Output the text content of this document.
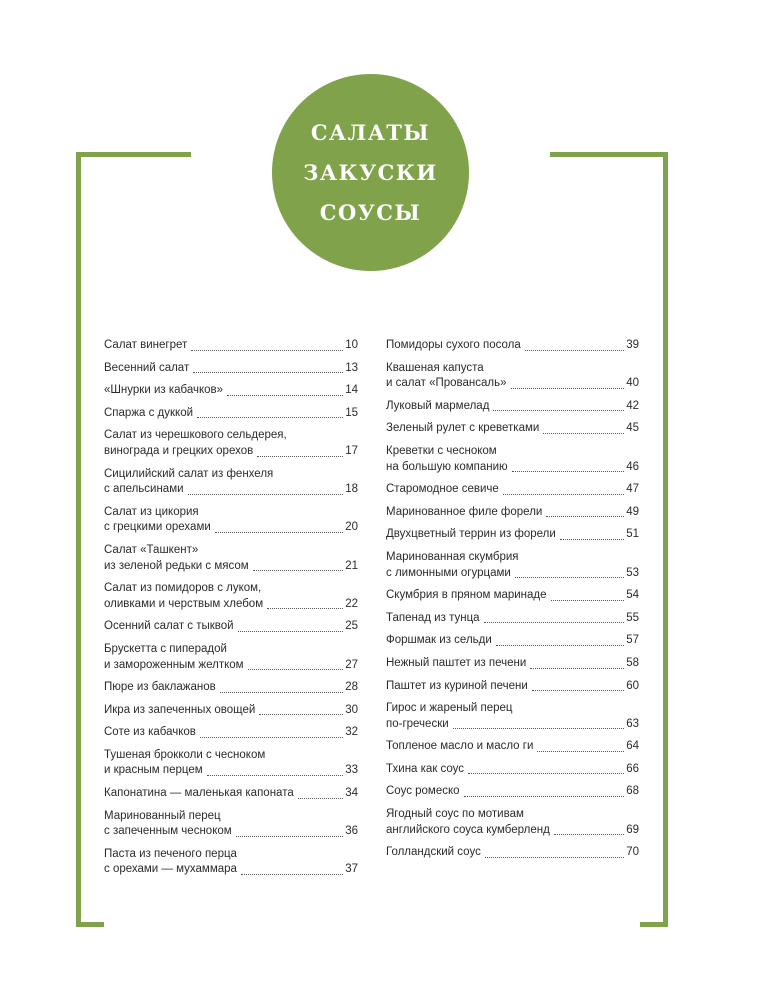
САЛАТЫ
ЗАКУСКИ
СОУСЫ
Салат винегрет	10
Весенний салат	13
«Шнурки из кабачков»	14
Спаржа с дуккой	15
Салат из черешкового сельдерея,
винограда и грецких орехов	17
Сицилийский салат из фенхеля
с апельсинами	18
Салат из цикория
с грецкими орехами	20
Салат «Ташкент»
из зеленой редьки с мясом	21
Салат из помидоров с луком,
оливками и черствым хлебом	22
Осенний салат с тыквой	25
Брускетта с пиперадой
и замороженным желтком	27
Пюре из баклажанов	28
Икра из запеченных овощей	30
Соте из кабачков	32
Тушеная брокколи с чесноком
и красным перцем	33
Капонатина — маленькая капоната	34
Маринованный перец
с запеченным чесноком	36
Паста из печеного перца
с орехами — мухаммара	37
Помидоры сухого посола	39
Квашеная капуста
и салат «Провансаль»	40
Луковый мармелад	42
Зеленый рулет с креветками	45
Креветки с чесноком
на большую компанию	46
Старомодное севиче	47
Маринованное филе форели	49
Двухцветный террин из форели	51
Маринованная скумбрия
с лимонными огурцами	53
Скумбрия в пряном маринаде	54
Тапенад из тунца	55
Форшмак из сельди	57
Нежный паштет из печени	58
Паштет из куриной печени	60
Гирос и жареный перец
по-гречески	63
Топленое масло и масло ги	64
Тхина как соус	66
Соус ромеско	68
Ягодный соус по мотивам
английского соуса кумберленд	69
Голландский соус	70
